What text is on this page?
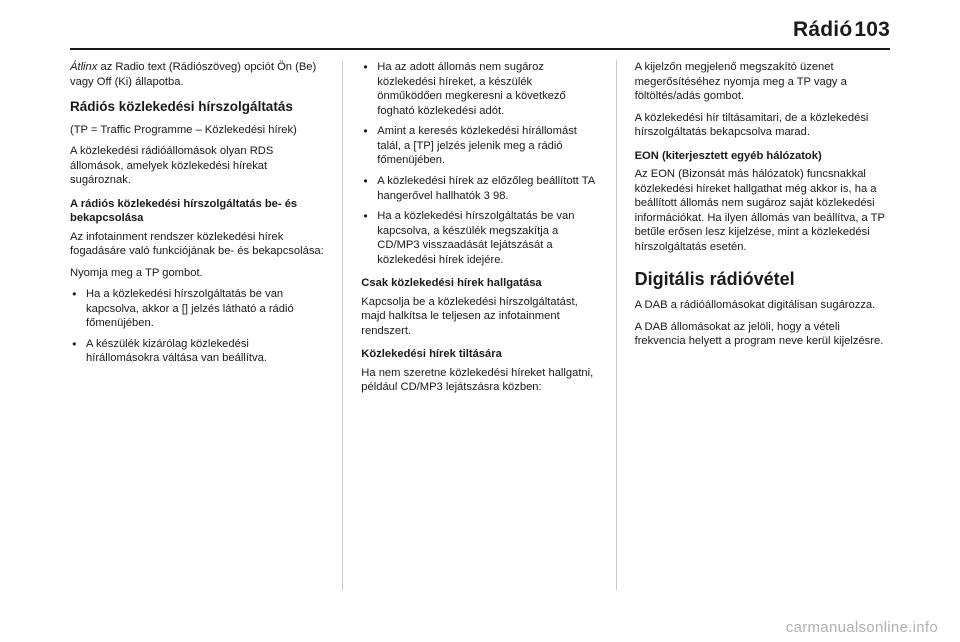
Rádió103

Átlinx az Radio text (Rádiószöveg) opciót Ön (Be) vagy Off (Ki) állapotba.

Rádiós közlekedési hírszolgáltatás

(TP = Traffic Programme – Közlekedési hírek)

A közlekedési rádióállomások olyan RDS állomások, amelyek közlekedési hírekat sugároznak.

A rádiós közlekedési hírszolgáltatás be- és bekapcsolása

Az infotainment rendszer közlekedési hírek fogadásáre való funkciójának be- és bekapcsolása:

Nyomja meg a TP gombot.

● Ha a közlekedési hírszolgáltatás be van kapcsolva, akkor a [] jelzés látható a rádió főmenüjében.
● A készülék kizárólag közlekedési hírállomásokra váltása van beállítva.
● Ha az adott állomás nem sugároz közlekedési híreket, a készülék önműködően megkeresni a következő fogható közlekedési adót.
● Amint a keresés közlekedési hírállomást talál, a [TP] jelzés jelenik meg a rádió főmenüjében.
● A közlekedési hírek az előzőleg beállított TA hangerővel hallhatók 3 98.
● Ha a közlekedési hírszolgáltatás be van kapcsolva, a készülék megszakítja a CD/MP3 visszaadását lejátszását a közlekedési hírek idejére.
Csak közlekedési hírek hallgatása

Kapcsolja be a közlekedési hírszolgáltatást, majd halkítsa le teljesen az infotainment rendszert.

Közlekedési hírek tiltására

Ha nem szeretne közlekedési híreket hallgatni, például CD/MP3 lejátszásra közben:

A kijelzőn megjelenő megszakító üzenet megerősítéséhez nyomja meg a TP vagy a föltöltés/adás gombot.

A közlekedési hír tiltásamitari, de a közlekedési hírszolgáltatás bekapcsolva marad.

EON (kiterjesztett egyéb hálózatok)

Az EON (Bizonsát más hálózatok) funcsnakkal közlekedési híreket hallgathat még akkor is, ha a beállított állomás nem sugároz saját közlekedési információkat. Ha ilyen állomás van beállítva, a TP betűle erősen lesz kijelzése, mint a közlekedési hírszolgáltatás esetén.

Digitális rádióvétel

A DAB a rádióállomásokat digitálisan sugározza.

A DAB állomásokat az jelöli, hogy a vételi frekvencia helyett a program neve kerül kijelzésre.

carmanualsonline.info
